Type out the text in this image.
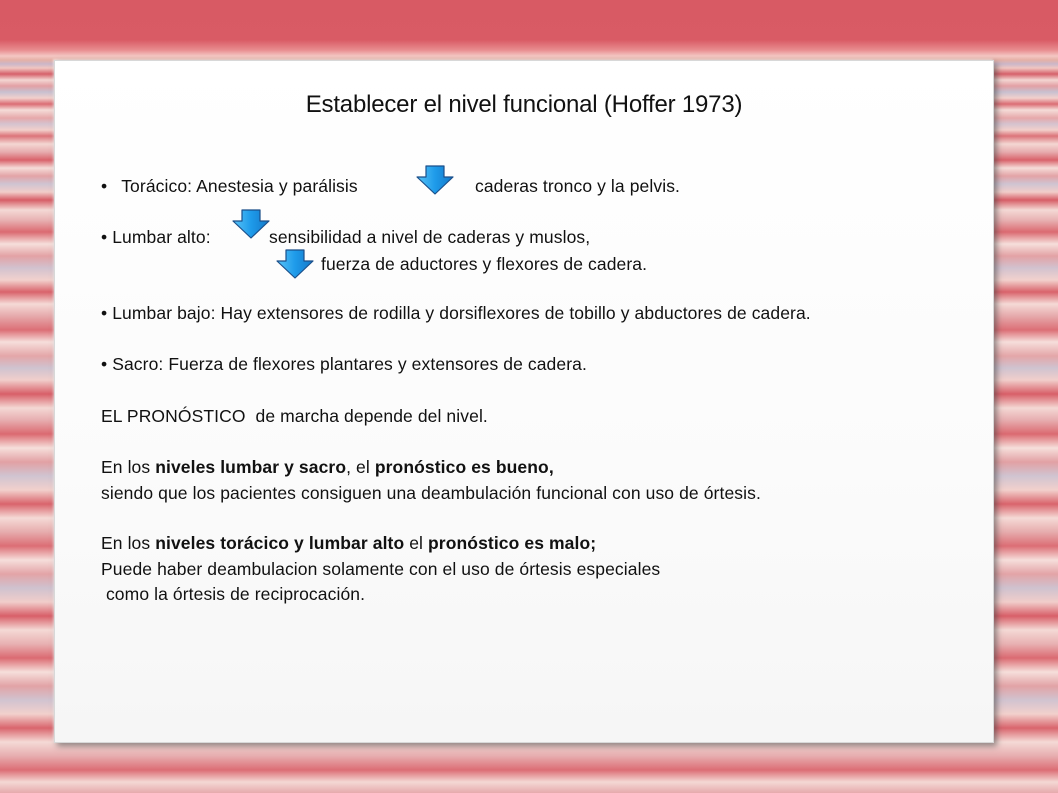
Establecer el nivel funcional (Hoffer 1973)
• Torácico: Anestesia y parálisis	caderas tronco y la pelvis.
• Lumbar alto:	sensibilidad a nivel de caderas y muslos,
fuerza de aductores y flexores de cadera.
• Lumbar bajo: Hay extensores de rodilla y dorsiflexores de tobillo y abductores de cadera.
• Sacro: Fuerza de flexores plantares y extensores de cadera.
EL PRONÓSTICO  de marcha depende del nivel.
En los niveles lumbar y sacro, el pronóstico es bueno,
siendo que los pacientes consiguen una deambulación funcional con uso de órtesis.
En los niveles torácico y lumbar alto el pronóstico es malo;
Puede haber deambulacion solamente con el uso de órtesis especiales
como la órtesis de reciprocación.
